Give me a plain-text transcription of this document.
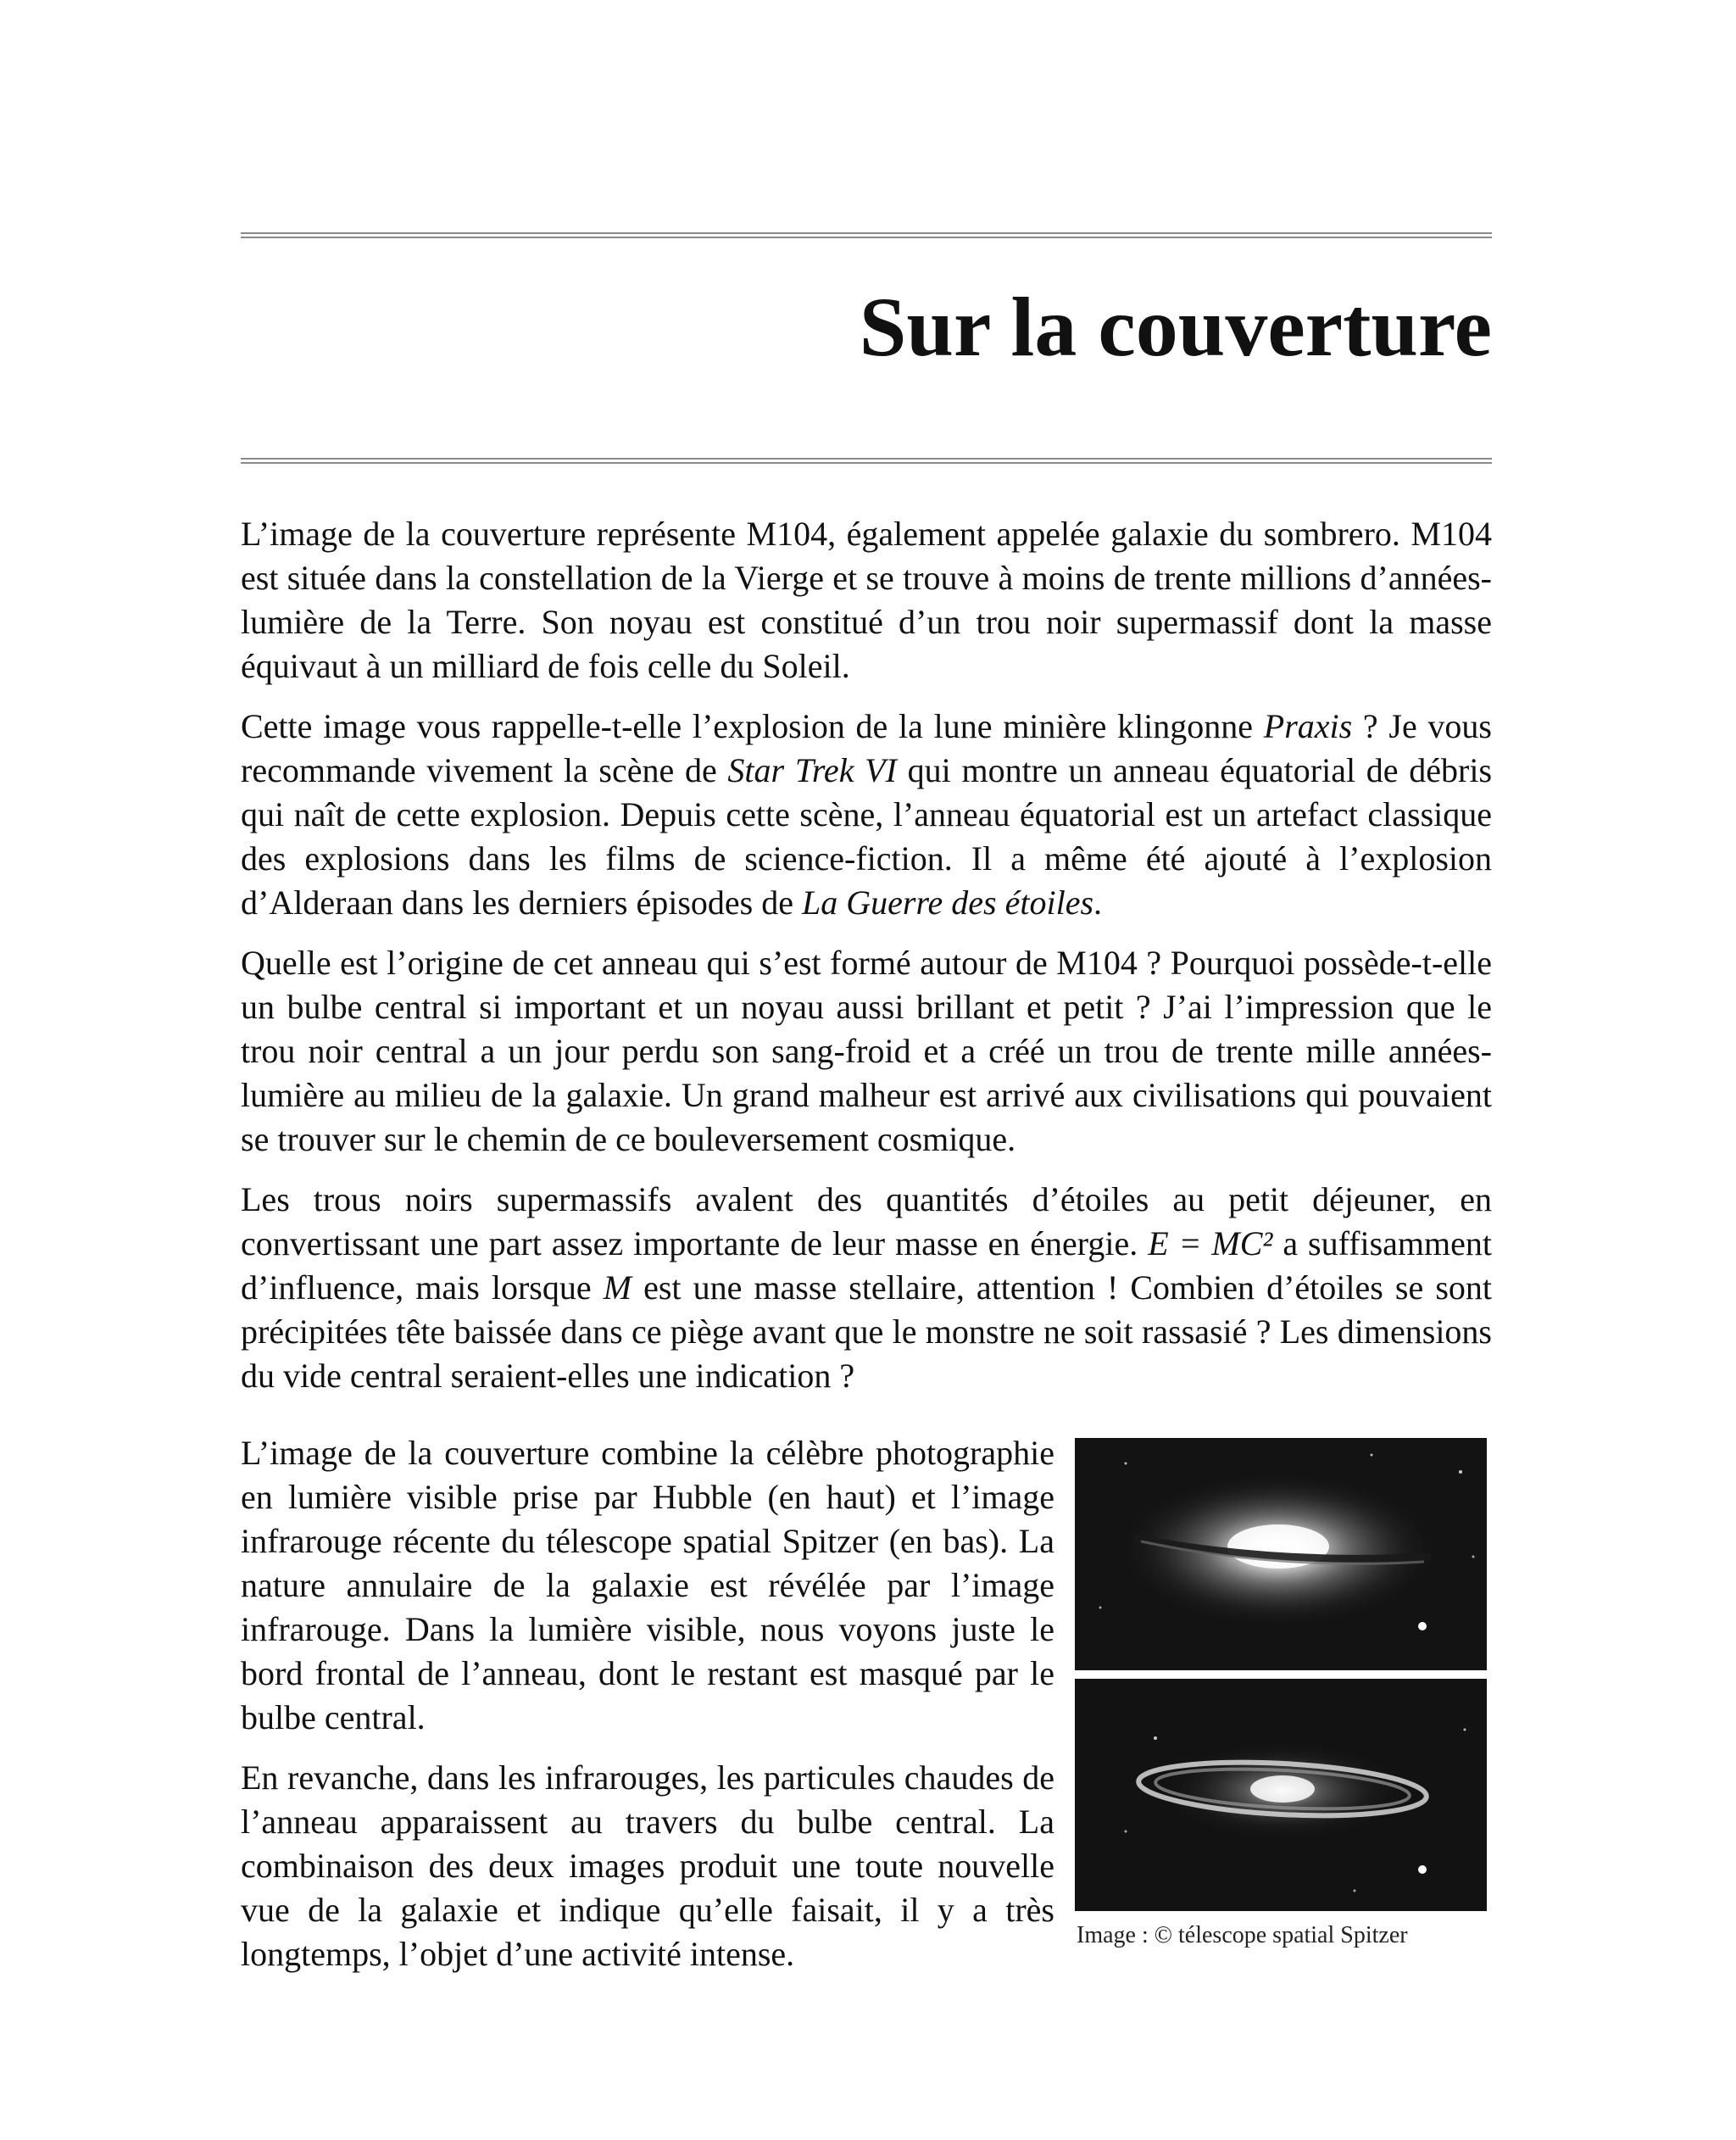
Sur la couverture

L’image de la couverture représente M104, également appelée galaxie du sombrero. M104 est située dans la constellation de la Vierge et se trouve à moins de trente millions d’années-lumière de la Terre. Son noyau est constitué d’un trou noir supermassif dont la masse équivaut à un milliard de fois celle du Soleil.

Cette image vous rappelle-t-elle l’explosion de la lune minière klingonne Praxis ? Je vous recommande vivement la scène de Star Trek VI qui montre un anneau équatorial de débris qui naît de cette explosion. Depuis cette scène, l’anneau équatorial est un artefact classique des explosions dans les films de science-fiction. Il a même été ajouté à l’explosion d’Alderaan dans les derniers épisodes de La Guerre des étoiles.

Quelle est l’origine de cet anneau qui s’est formé autour de M104 ? Pourquoi possède-t-elle un bulbe central si important et un noyau aussi brillant et petit ? J’ai l’impression que le trou noir central a un jour perdu son sang-froid et a créé un trou de trente mille années-lumière au milieu de la galaxie. Un grand malheur est arrivé aux civilisations qui pouvaient se trouver sur le chemin de ce bouleversement cosmique.

Les trous noirs supermassifs avalent des quantités d’étoiles au petit déjeuner, en convertissant une part assez importante de leur masse en énergie. E = MC² a suffisamment d’influence, mais lorsque M est une masse stellaire, attention ! Combien d’étoiles se sont précipitées tête baissée dans ce piège avant que le monstre ne soit rassasié ? Les dimensions du vide central seraient-elles une indication ?

L’image de la couverture combine la célèbre photographie en lumière visible prise par Hubble (en haut) et l’image infrarouge récente du télescope spatial Spitzer (en bas). La nature annulaire de la galaxie est révélée par l’image infrarouge. Dans la lumière visible, nous voyons juste le bord frontal de l’anneau, dont le restant est masqué par le bulbe central.

En revanche, dans les infrarouges, les particules chaudes de l’anneau apparaissent au travers du bulbe central. La combinaison des deux images produit une toute nouvelle vue de la galaxie et indique qu’elle faisait, il y a très longtemps, l’objet d’une activité intense.	Image : © télescope spatial Spitzer
